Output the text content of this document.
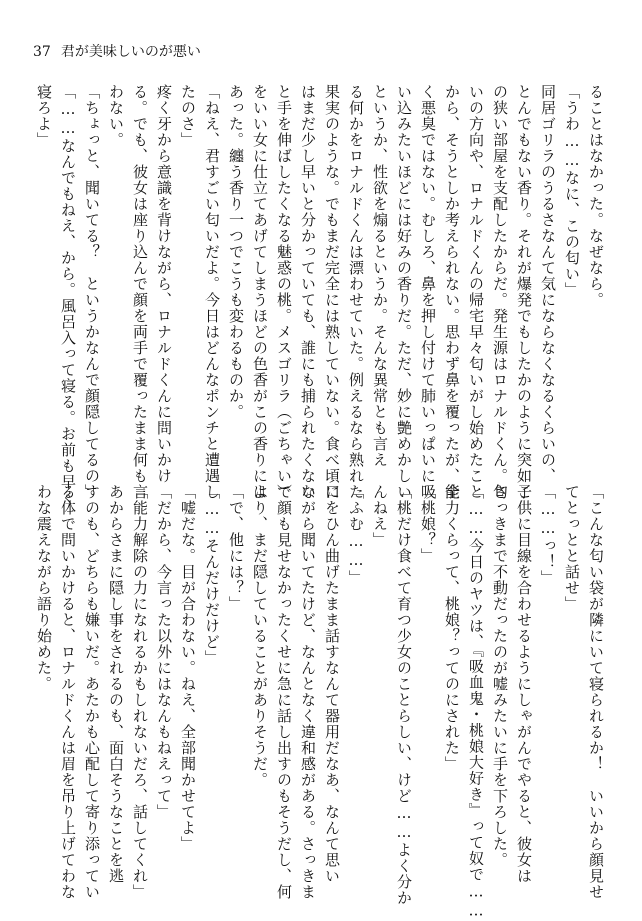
37 君が美味しいのが悪い
ることはなかった。なぜなら。
「うわ……なに、この匂い」
同居ゴリラのうるさなんて気にならなくなるくらいの、
とんでもない香り。それが爆発でもしたかのように突如こ
の狭い部屋を支配したからだ。発生源はロナルドくん。匂
いの方向や、ロナルドくんの帰宅早々匂いがし始めたこと
から、そうとしか考えられない。思わず鼻を覆ったが、全
く悪臭ではない。むしろ、鼻を押し付けて肺いっぱいに吸
い込みたいほどには好みの香りだ。ただ、妙に艶めかしい
というか、性欲を煽るというか。そんな異常とも言え
る何かをロナルドくんは漂わせていた。例えるなら熟れた
果実のような。でもまだ完全には熟していない。食べ頃に
はまだ少し早いと分かっていても、誰にも捕られたくない
と手を伸ばしたくなる魅惑の桃。メスゴリラ（ごちゃい）
をいい女に仕立てあげてしまうほどの色香がこの香りには
あった。纏う香り一つでこうも変わるものか。
「ねえ、君すごい匂いだよ。今日はどんなポンチと遭遇し
たのさ」
疼く牙から意識を背けながら、ロナルドくんに問いかけ
る。でも、彼女は座り込んで顔を両手で覆ったまま何も言
わない。
「ちょっと、聞いてる？　というかなんで顔隠してるの」
「……なんでもねえ、から。風呂入って寝る。お前も早く
寝ろよ」
「こんな匂い袋が隣にいて寝られるか！　いいから顔見せ
てとっとと話せ」
「……っ！」
子供に目線を合わせるようにしゃがんでやると、彼女は
さっきまで不動だったのが嘘みたいに手を下ろした。
「……今日のヤツは、『吸血鬼・桃娘大好き』って奴で……
能力くらって、桃娘？ってのにされた」
「桃娘？」
「桃だけ食べて育つ少女のことらしい、けど……よく分か
んねえ」
「ふむ……」
口をひん曲げたまま話すなんて器用だなあ、なんて思い
ながら聞いてたけど、なんとなく違和感がある。さっきま
で顔も見せなかったくせに急に話し出すのもそうだし、何
より、まだ隠していることがありそうだ。
「で、他には？」
「……そんだけだけど」
「嘘だな。目が合わない。ねえ、全部聞かせてよ」
「だから、今言った以外にはなんもねえって」
「能力解除の力になれるかもしれないだろ、話してくれ」
あからさまに隠し事をされるのも、面白そうなことを逃
すのも、どちらも嫌いだ。あたかも心配して寄り添ってい
る体で問いかけると、ロナルドくんは眉を吊り上げてわな
わな震えながら語り始めた。
